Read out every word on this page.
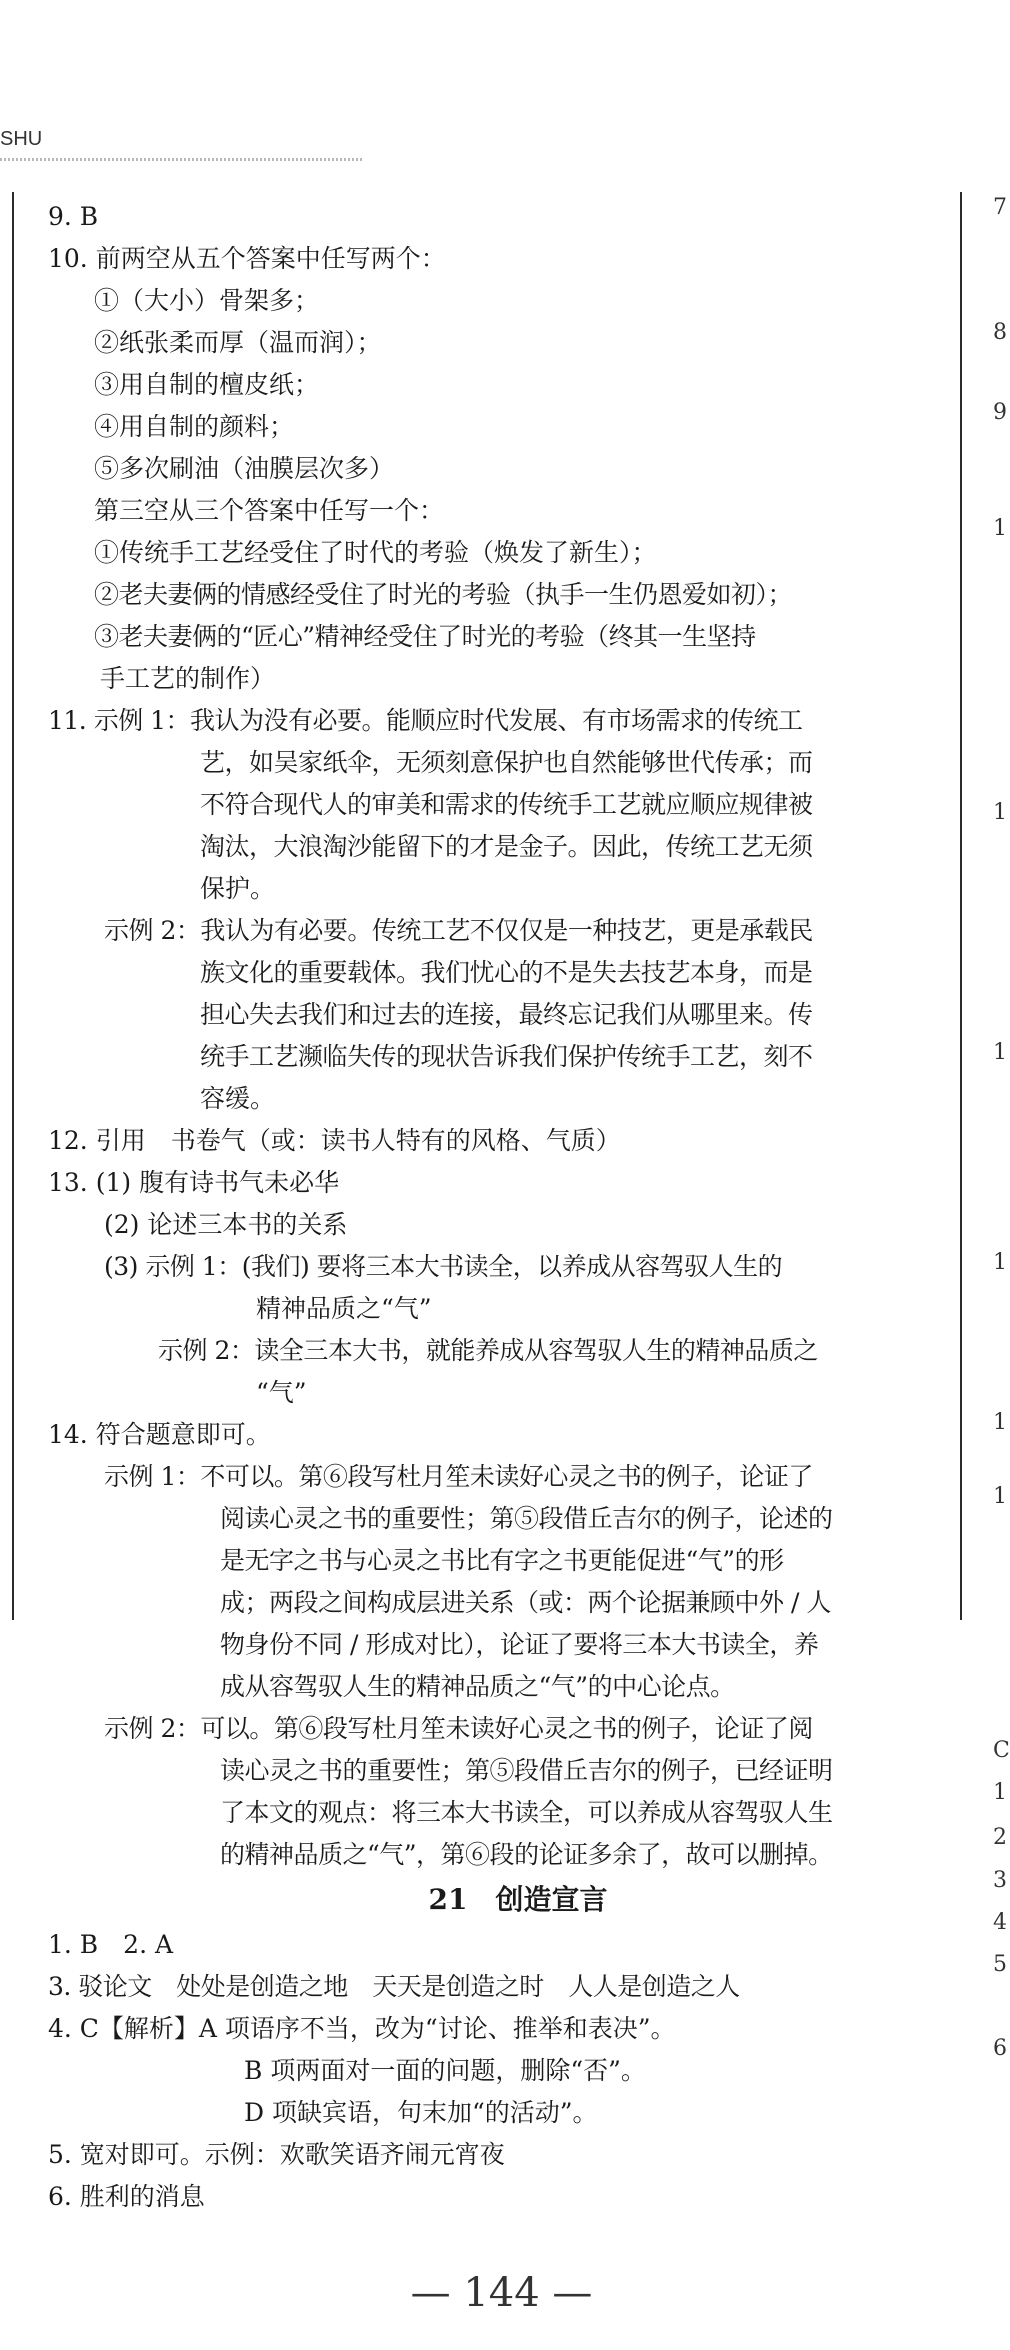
SHU
7
8
9
1
1
1
1
1
1
C
1
2
3
4
5
6
9. B
10. 前两空从五个答案中任写两个：
①（大小）骨架多；
②纸张柔而厚（温而润）；
③用自制的檀皮纸；
④用自制的颜料；
⑤多次刷油（油膜层次多）
第三空从三个答案中任写一个：
①传统手工艺经受住了时代的考验（焕发了新生）；
②老夫妻俩的情感经受住了时光的考验（执手一生仍恩爱如初）；
③老夫妻俩的“匠心”精神经受住了时光的考验（终其一生坚持
手工艺的制作）
11. 示例 1：我认为没有必要。能顺应时代发展、有市场需求的传统工
艺，如吴家纸伞，无须刻意保护也自然能够世代传承；而
不符合现代人的审美和需求的传统手工艺就应顺应规律被
淘汰，大浪淘沙能留下的才是金子。因此，传统工艺无须
保护。
示例 2：我认为有必要。传统工艺不仅仅是一种技艺，更是承载民
族文化的重要载体。我们忧心的不是失去技艺本身，而是
担心失去我们和过去的连接，最终忘记我们从哪里来。传
统手工艺濒临失传的现状告诉我们保护传统手工艺，刻不
容缓。
12. 引用　书卷气（或：读书人特有的风格、气质）
13. (1) 腹有诗书气未必华
(2) 论述三本书的关系
(3) 示例 1：(我们) 要将三本大书读全，以养成从容驾驭人生的
精神品质之“气”
示例 2：读全三本大书，就能养成从容驾驭人生的精神品质之
“气”
14. 符合题意即可。
示例 1：不可以。第⑥段写杜月笙未读好心灵之书的例子，论证了
阅读心灵之书的重要性；第⑤段借丘吉尔的例子，论述的
是无字之书与心灵之书比有字之书更能促进“气”的形
成；两段之间构成层进关系（或：两个论据兼顾中外 / 人
物身份不同 / 形成对比），论证了要将三本大书读全，养
成从容驾驭人生的精神品质之“气”的中心论点。
示例 2：可以。第⑥段写杜月笙未读好心灵之书的例子，论证了阅
读心灵之书的重要性；第⑤段借丘吉尔的例子，已经证明
了本文的观点：将三本大书读全，可以养成从容驾驭人生
的精神品质之“气”，第⑥段的论证多余了，故可以删掉。
21　创造宣言
1. B　2. A
3. 驳论文　处处是创造之地　天天是创造之时　人人是创造之人
4. C【解析】A 项语序不当，改为“讨论、推举和表决”。
B 项两面对一面的问题，删除“否”。
D 项缺宾语，句末加“的活动”。
5. 宽对即可。示例：欢歌笑语齐闹元宵夜
6. 胜利的消息
— 144 —
